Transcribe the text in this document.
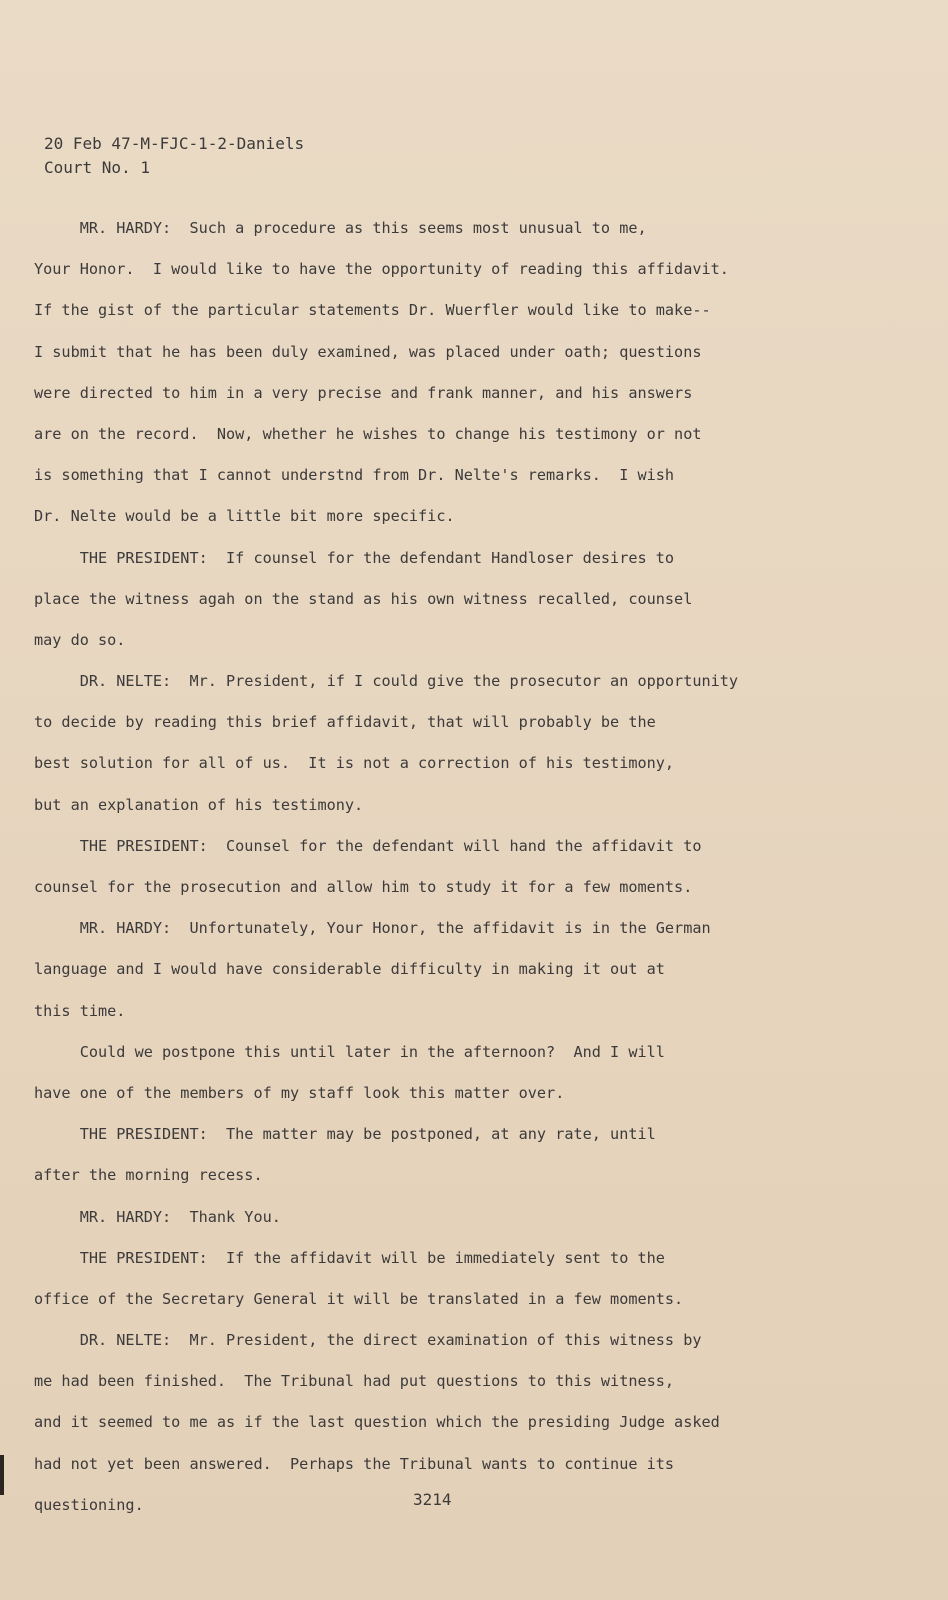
20 Feb 47-M-FJC-1-2-Daniels
Court No. 1
MR. HARDY:  Such a procedure as this seems most unusual to me,
Your Honor.  I would like to have the opportunity of reading this affidavit.
If the gist of the particular statements Dr. Wuerfler would like to make--
I submit that he has been duly examined, was placed under oath; questions
were directed to him in a very precise and frank manner, and his answers
are on the record.  Now, whether he wishes to change his testimony or not
is something that I cannot understnd from Dr. Nelte's remarks.  I wish
Dr. Nelte would be a little bit more specific.
THE PRESIDENT:  If counsel for the defendant Handloser desires to
place the witness agah on the stand as his own witness recalled, counsel
may do so.
DR. NELTE:  Mr. President, if I could give the prosecutor an opportunity
to decide by reading this brief affidavit, that will probably be the
best solution for all of us.  It is not a correction of his testimony,
but an explanation of his testimony.
THE PRESIDENT:  Counsel for the defendant will hand the affidavit to
counsel for the prosecution and allow him to study it for a few moments.
MR. HARDY:  Unfortunately, Your Honor, the affidavit is in the German
language and I would have considerable difficulty in making it out at
this time.
Could we postpone this until later in the afternoon?  And I will
have one of the members of my staff look this matter over.
THE PRESIDENT:  The matter may be postponed, at any rate, until
after the morning recess.
MR. HARDY:  Thank You.
THE PRESIDENT:  If the affidavit will be immediately sent to the
office of the Secretary General it will be translated in a few moments.
DR. NELTE:  Mr. President, the direct examination of this witness by
me had been finished.  The Tribunal had put questions to this witness,
and it seemed to me as if the last question which the presiding Judge asked
had not yet been answered.  Perhaps the Tribunal wants to continue its
questioning.	3214
